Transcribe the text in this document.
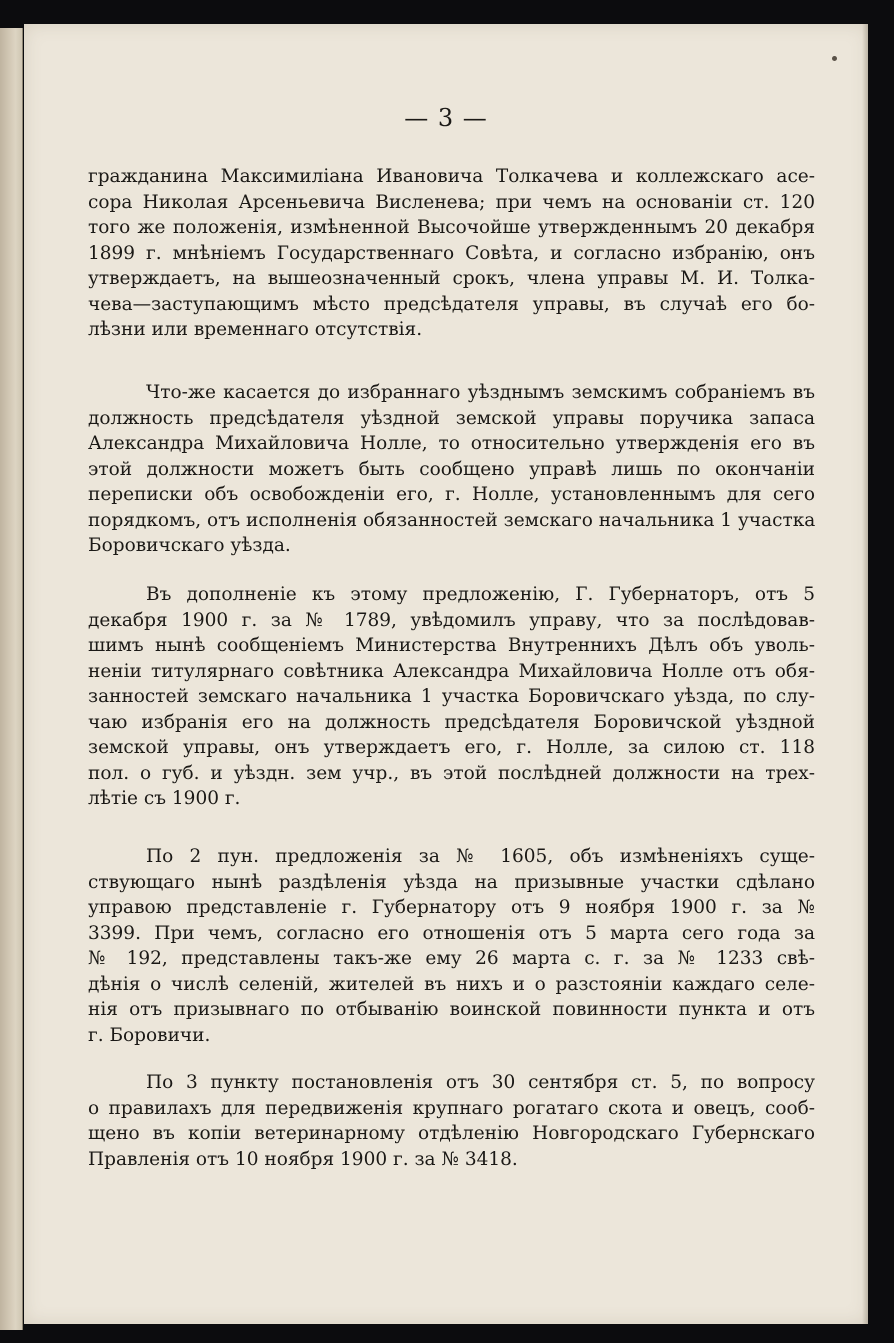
— 3 —
гражданина Максимиліана Ивановича Толкачева и коллежскаго асе-
сора Николая Арсеньевича Висленева; при чемъ на основаніи ст. 120
того же положенія, измѣненной Высочойше утвержденнымъ 20 декабря
1899 г. мнѣніемъ Государственнаго Совѣта, и согласно избранію, онъ
утверждаетъ, на вышеозначенный срокъ, члена управы М. И. Толка-
чева—заступающимъ мѣсто предсѣдателя управы, въ случаѣ его бо-
лѣзни или временнаго отсутствія.
Что-же касается до избраннаго уѣзднымъ земскимъ собраніемъ въ
должность предсѣдателя уѣздной земской управы поручика запаса
Александра Михайловича Нолле, то относительно утвержденія его въ
этой должности можетъ быть сообщено управѣ лишь по окончаніи
переписки объ освобожденіи его, г. Нолле, установленнымъ для сего
порядкомъ, отъ исполненія обязанностей земскаго начальника 1 участка
Боровичскаго уѣзда.
Въ дополненіе къ этому предложенію, Г. Губернаторъ, отъ 5
декабря 1900 г. за № 1789, увѣдомилъ управу, что за послѣдовав-
шимъ нынѣ сообщеніемъ Министерства Внутреннихъ Дѣлъ объ уволь-
неніи титулярнаго совѣтника Александра Михайловича Нолле отъ обя-
занностей земскаго начальника 1 участка Боровичскаго уѣзда, по слу-
чаю избранія его на должность предсѣдателя Боровичской уѣздной
земской управы, онъ утверждаетъ его, г. Нолле, за силою ст. 118
пол. о губ. и уѣздн. зем учр., въ этой послѣдней должности на трех-
лѣтіе съ 1900 г.
По 2 пун. предложенія за № 1605, объ измѣненіяхъ суще-
ствующаго нынѣ раздѣленія уѣзда на призывные участки сдѣлано
управою представленіе г. Губернатору отъ 9 ноября 1900 г. за №
3399. При чемъ, согласно его отношенія отъ 5 марта сего года за
№ 192, представлены такъ-же ему 26 марта с. г. за № 1233 свѣ-
дѣнія о числѣ селеній, жителей въ нихъ и о разстояніи каждаго селе-
нія отъ призывнаго по отбыванію воинской повинности пункта и отъ
г. Боровичи.
По 3 пункту постановленія отъ 30 сентября ст. 5, по вопросу
о правилахъ для передвиженія крупнаго рогатаго скота и овецъ, сооб-
щено въ копіи ветеринарному отдѣленію Новгородскаго Губернскаго
Правленія отъ 10 ноября 1900 г. за № 3418.
